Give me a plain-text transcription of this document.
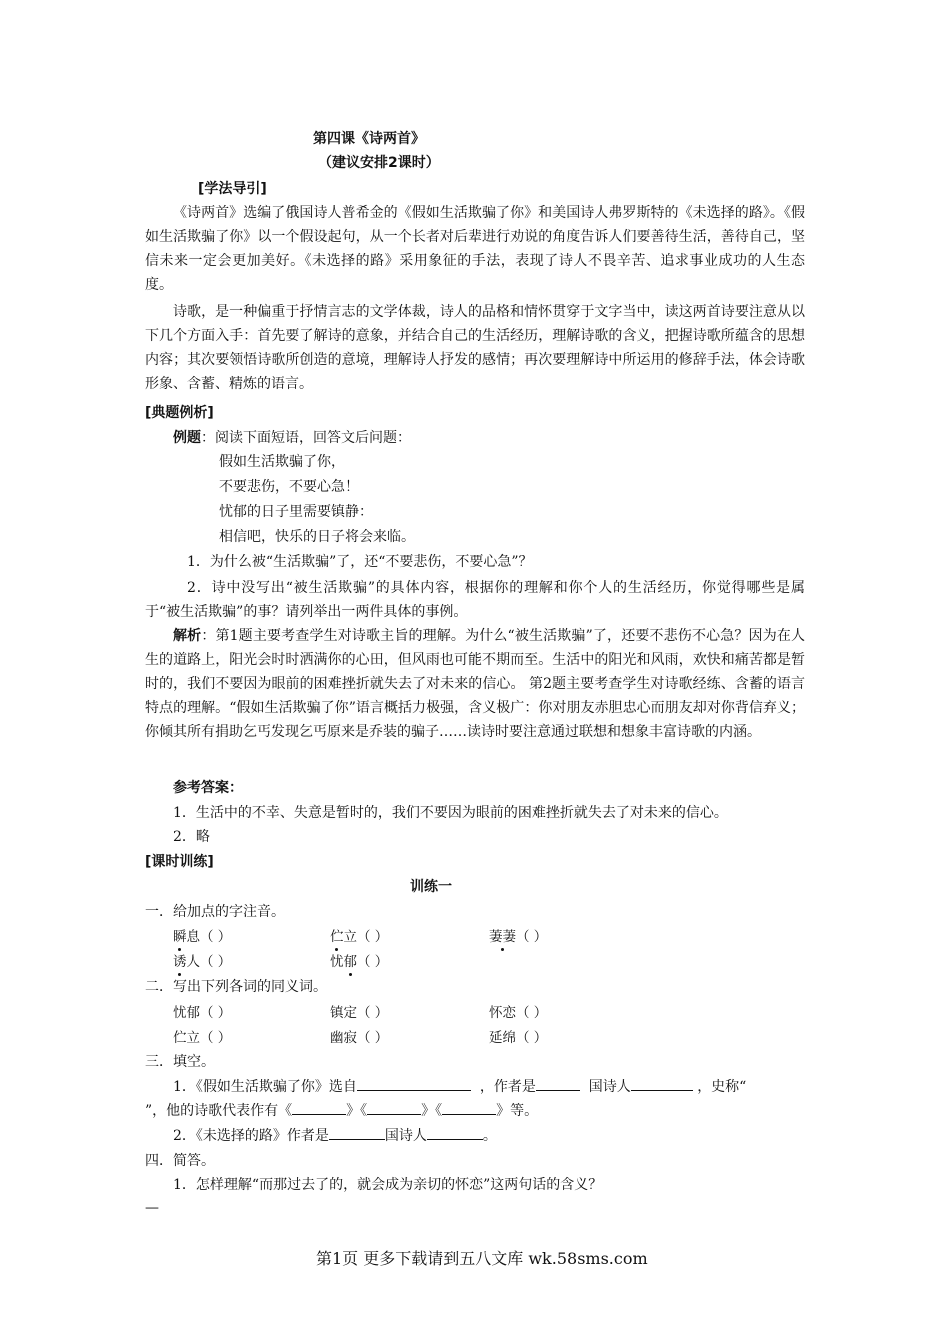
第四课《诗两首》
（建议安排2课时）
[学法导引]
《诗两首》选编了俄国诗人普希金的《假如生活欺骗了你》和美国诗人弗罗斯特的《未选择的路》。《假如生活欺骗了你》以一个假设起句，从一个长者对后辈进行劝说的角度告诉人们要善待生活，善待自己，坚信未来一定会更加美好。《未选择的路》采用象征的手法，表现了诗人不畏辛苦、追求事业成功的人生态度。
诗歌，是一种偏重于抒情言志的文学体裁，诗人的品格和情怀贯穿于文字当中，读这两首诗要注意从以下几个方面入手：首先要了解诗的意象，并结合自己的生活经历，理解诗歌的含义，把握诗歌所蕴含的思想内容；其次要领悟诗歌所创造的意境，理解诗人抒发的感情；再次要理解诗中所运用的修辞手法，体会诗歌形象、含蓄、精炼的语言。
[典题例析]
例题：阅读下面短语，回答文后问题：
假如生活欺骗了你，
不要悲伤，不要心急！
忧郁的日子里需要镇静：
相信吧，快乐的日子将会来临。
1．为什么被“生活欺骗”了，还“不要悲伤，不要心急”？
2．诗中没写出“被生活欺骗”的具体内容，根据你的理解和你个人的生活经历，你觉得哪些是属于“被生活欺骗”的事？请列举出一两件具体的事例。
解析：第1题主要考查学生对诗歌主旨的理解。为什么“被生活欺骗”了，还要不悲伤不心急？因为在人生的道路上，阳光会时时洒满你的心田，但风雨也可能不期而至。生活中的阳光和风雨，欢快和痛苦都是暂时的，我们不要因为眼前的困难挫折就失去了对未来的信心。 第2题主要考查学生对诗歌经练、含蓄的语言特点的理解。“假如生活欺骗了你”语言概括力极强，含义极广：你对朋友赤胆忠心而朋友却对你背信弃义；你倾其所有捐助乞丐发现乞丐原来是乔装的骗子……读诗时要注意通过联想和想象丰富诗歌的内涵。
参考答案：
1．生活中的不幸、失意是暂时的，我们不要因为眼前的困难挫折就失去了对未来的信心。
2．略
[课时训练]
训练一
一．给加点的字注音。
瞬息（ ）	伫立（ ）	萋萋（ ）
诱人（ ）	忧郁（ ）
二．写出下列各词的同义词。
忧郁（ ）	镇定（ ）	怀恋（ ）
伫立（ ）	幽寂（ ）	延绵（ ）
三．填空。
1．《假如生活欺骗了你》选自	，作者是	国诗人	，史称“
”，他的诗歌代表作有《	》《	》《	》等。
2．《未选择的路》作者是	国诗人	。
四．简答。
1．怎样理解“而那过去了的，就会成为亲切的怀恋”这两句话的含义？
—
第1页 更多下载请到五八文库 wk.58sms.com
